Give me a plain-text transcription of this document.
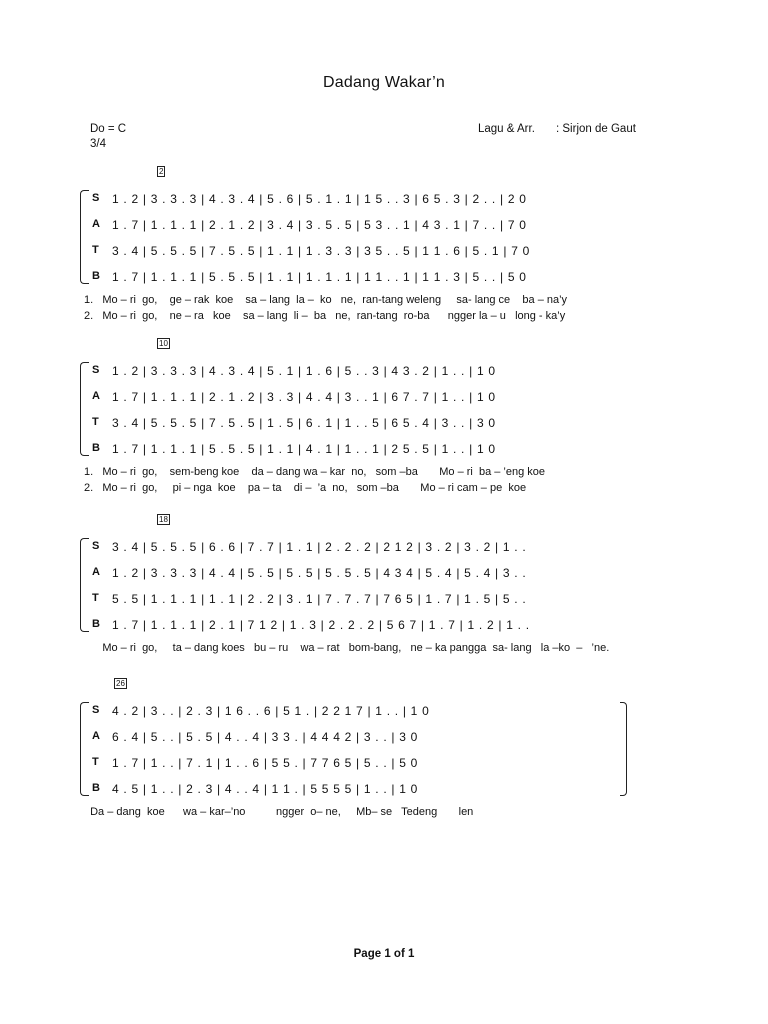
Dadang Wakar’n
Do = C
3/4
Lagu & Arr. : Sirjon de Gaut
2
S 1 . 2 | 3 . 3 . 3 | 4 . 3 . 4 | 5 . 6 | 5 . 1 . 1 | 1 5 . . 3 | 6 5 . 3 | 2 . . | 2 0
A 1 . 7 | 1 . 1 . 1 | 2 . 1 . 2 | 3 . 4 | 3 . 5 . 5 | 5 3 . . 1 | 4 3 . 1 | 7 . . | 7 0
T 3 . 4 | 5 . 5 . 5 | 7 . 5 . 5 | 1 . 1 | 1 . 3 . 3 | 3 5 . . 5 | 1 1 . 6 | 5 . 1 | 7 0
B 1 . 7 | 1 . 1 . 1 | 5 . 5 . 5 | 1 . 1 | 1 . 1 . 1 | 1 1 . . 1 | 1 1 . 3 | 5 . . | 5 0
1.   Mo – ri  go,    ge – rak  koe    sa – lang  la –  ko   ne,  ran-tang weleng     sa- lang ce    ba – na’y
2.   Mo – ri  go,    ne – ra   koe    sa – lang  li –  ba   ne,  ran-tang  ro-ba      ngger la – u   long - ka’y
10
S 1 . 2 | 3 . 3 . 3 | 4 . 3 . 4 | 5 . 1 | 1 . 6 | 5 . . 3 | 4 3 . 2 | 1 . . | 1 0
A 1 . 7 | 1 . 1 . 1 | 2 . 1 . 2 | 3 . 3 | 4 . 4 | 3 . . 1 | 6 7 . 7 | 1 . . | 1 0
T 3 . 4 | 5 . 5 . 5 | 7 . 5 . 5 | 1 . 5 | 6 . 1 | 1 . . 5 | 6 5 . 4 | 3 . . | 3 0
B 1 . 7 | 1 . 1 . 1 | 5 . 5 . 5 | 1 . 1 | 4 . 1 | 1 . . 1 | 2 5 . 5 | 1 . . | 1 0
1.   Mo – ri  go,    sem-beng koe    da – dang wa – kar  no,   som –ba       Mo – ri  ba – ’eng koe
2.   Mo – ri  go,     pi – nga  koe    pa – ta    di –  ’a  no,   som –ba       Mo – ri cam – pe  koe
18
S 3 . 4 | 5 . 5 . 5 | 6 . 6 | 7 . 7 | 1 . 1 | 2 . 2 . 2 | 2 1 2 | 3 . 2 | 3 . 2 | 1 . .
A 1 . 2 | 3 . 3 . 3 | 4 . 4 | 5 . 5 | 5 . 5 | 5 . 5 . 5 | 4 3 4 | 5 . 4 | 5 . 4 | 3 . .
T 5 . 5 | 1 . 1 . 1 | 1 . 1 | 2 . 2 | 3 . 1 | 7 . 7 . 7 | 7 6 5 | 1 . 7 | 1 . 5 | 5 . .
B 1 . 7 | 1 . 1 . 1 | 2 . 1 | 7 1 2 | 1 . 3 | 2 . 2 . 2 | 5 6 7 | 1 . 7 | 1 . 2 | 1 . .
Mo – ri  go,     ta – dang koes   bu – ru    wa – rat   bom-bang,   ne – ka pangga  sa- lang   la –ko  –   ’ne.
26
S 4 . 2 | 3 . . | 2 . 3 | 1 6 . . 6 | 5 1 . | 2 2 1 7 | 1 . . | 1 0
A 6 . 4 | 5 . . | 5 . 5 | 4 . . 4 | 3 3 . | 4 4 4 2 | 3 . . | 3 0
T 1 . 7 | 1 . . | 7 . 1 | 1 . . 6 | 5 5 . | 7 7 6 5 | 5 . . | 5 0
B 4 . 5 | 1 . . | 2 . 3 | 4 . . 4 | 1 1 . | 5 5 5 5 | 1 . . | 1 0
Da – dang  koe      wa – kar–’no          ngger  o– ne,     Mb– se   Tedeng       len
Page 1 of 1
